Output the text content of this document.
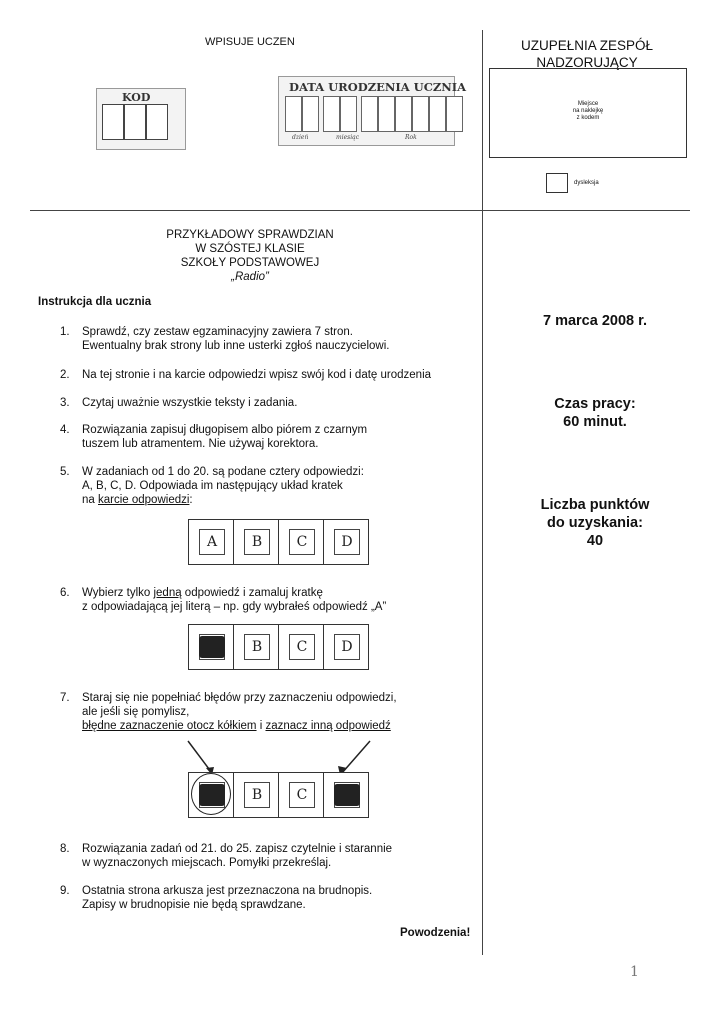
WPISUJE UCZEN
KOD
DATA URODZENIA UCZNIA
dzień	miesiąc	Rok
UZUPEŁNIA ZESPÓŁ
NADZORUJĄCY
Miejsce
na naklejkę
z kodem
dysleksja
PRZYKŁADOWY SPRAWDZIAN
W SZÓSTEJ KLASIE
SZKOŁY PODSTAWOWEJ
„Radio”
Instrukcja dla ucznia
1. Sprawdź, czy zestaw egzaminacyjny zawiera 7 stron.
Ewentualny brak strony lub inne usterki zgłoś nauczycielowi.
2. Na tej stronie i na karcie odpowiedzi wpisz swój kod i datę urodzenia
3. Czytaj uważnie wszystkie teksty i zadania.
4. Rozwiązania zapisuj długopisem albo piórem z czarnym
tuszem lub atramentem. Nie używaj korektora.
5. W zadaniach od 1 do 20. są podane cztery odpowiedzi:
A, B, C, D. Odpowiada im następujący układ kratek
na karcie odpowiedzi:
A	B	C	D
6. Wybierz tylko jedną odpowiedź i zamaluj kratkę
z odpowiadającą jej literą – np. gdy wybrałeś odpowiedź „A”
B	C	D
7. Staraj się nie popełniać błędów przy zaznaczeniu odpowiedzi,
ale jeśli się pomylisz,
błędne zaznaczenie otocz kółkiem i zaznacz inną odpowiedź
B	C
8. Rozwiązania zadań od 21. do 25. zapisz czytelnie i starannie
w wyznaczonych miejscach. Pomyłki przekreślaj.
9. Ostatnia strona arkusza jest przeznaczona na brudnopis.
Zapisy w brudnopisie nie będą sprawdzane.
Powodzenia!
7 marca 2008 r.
Czas pracy:
60 minut.
Liczba punktów
do uzyskania:
40
1
